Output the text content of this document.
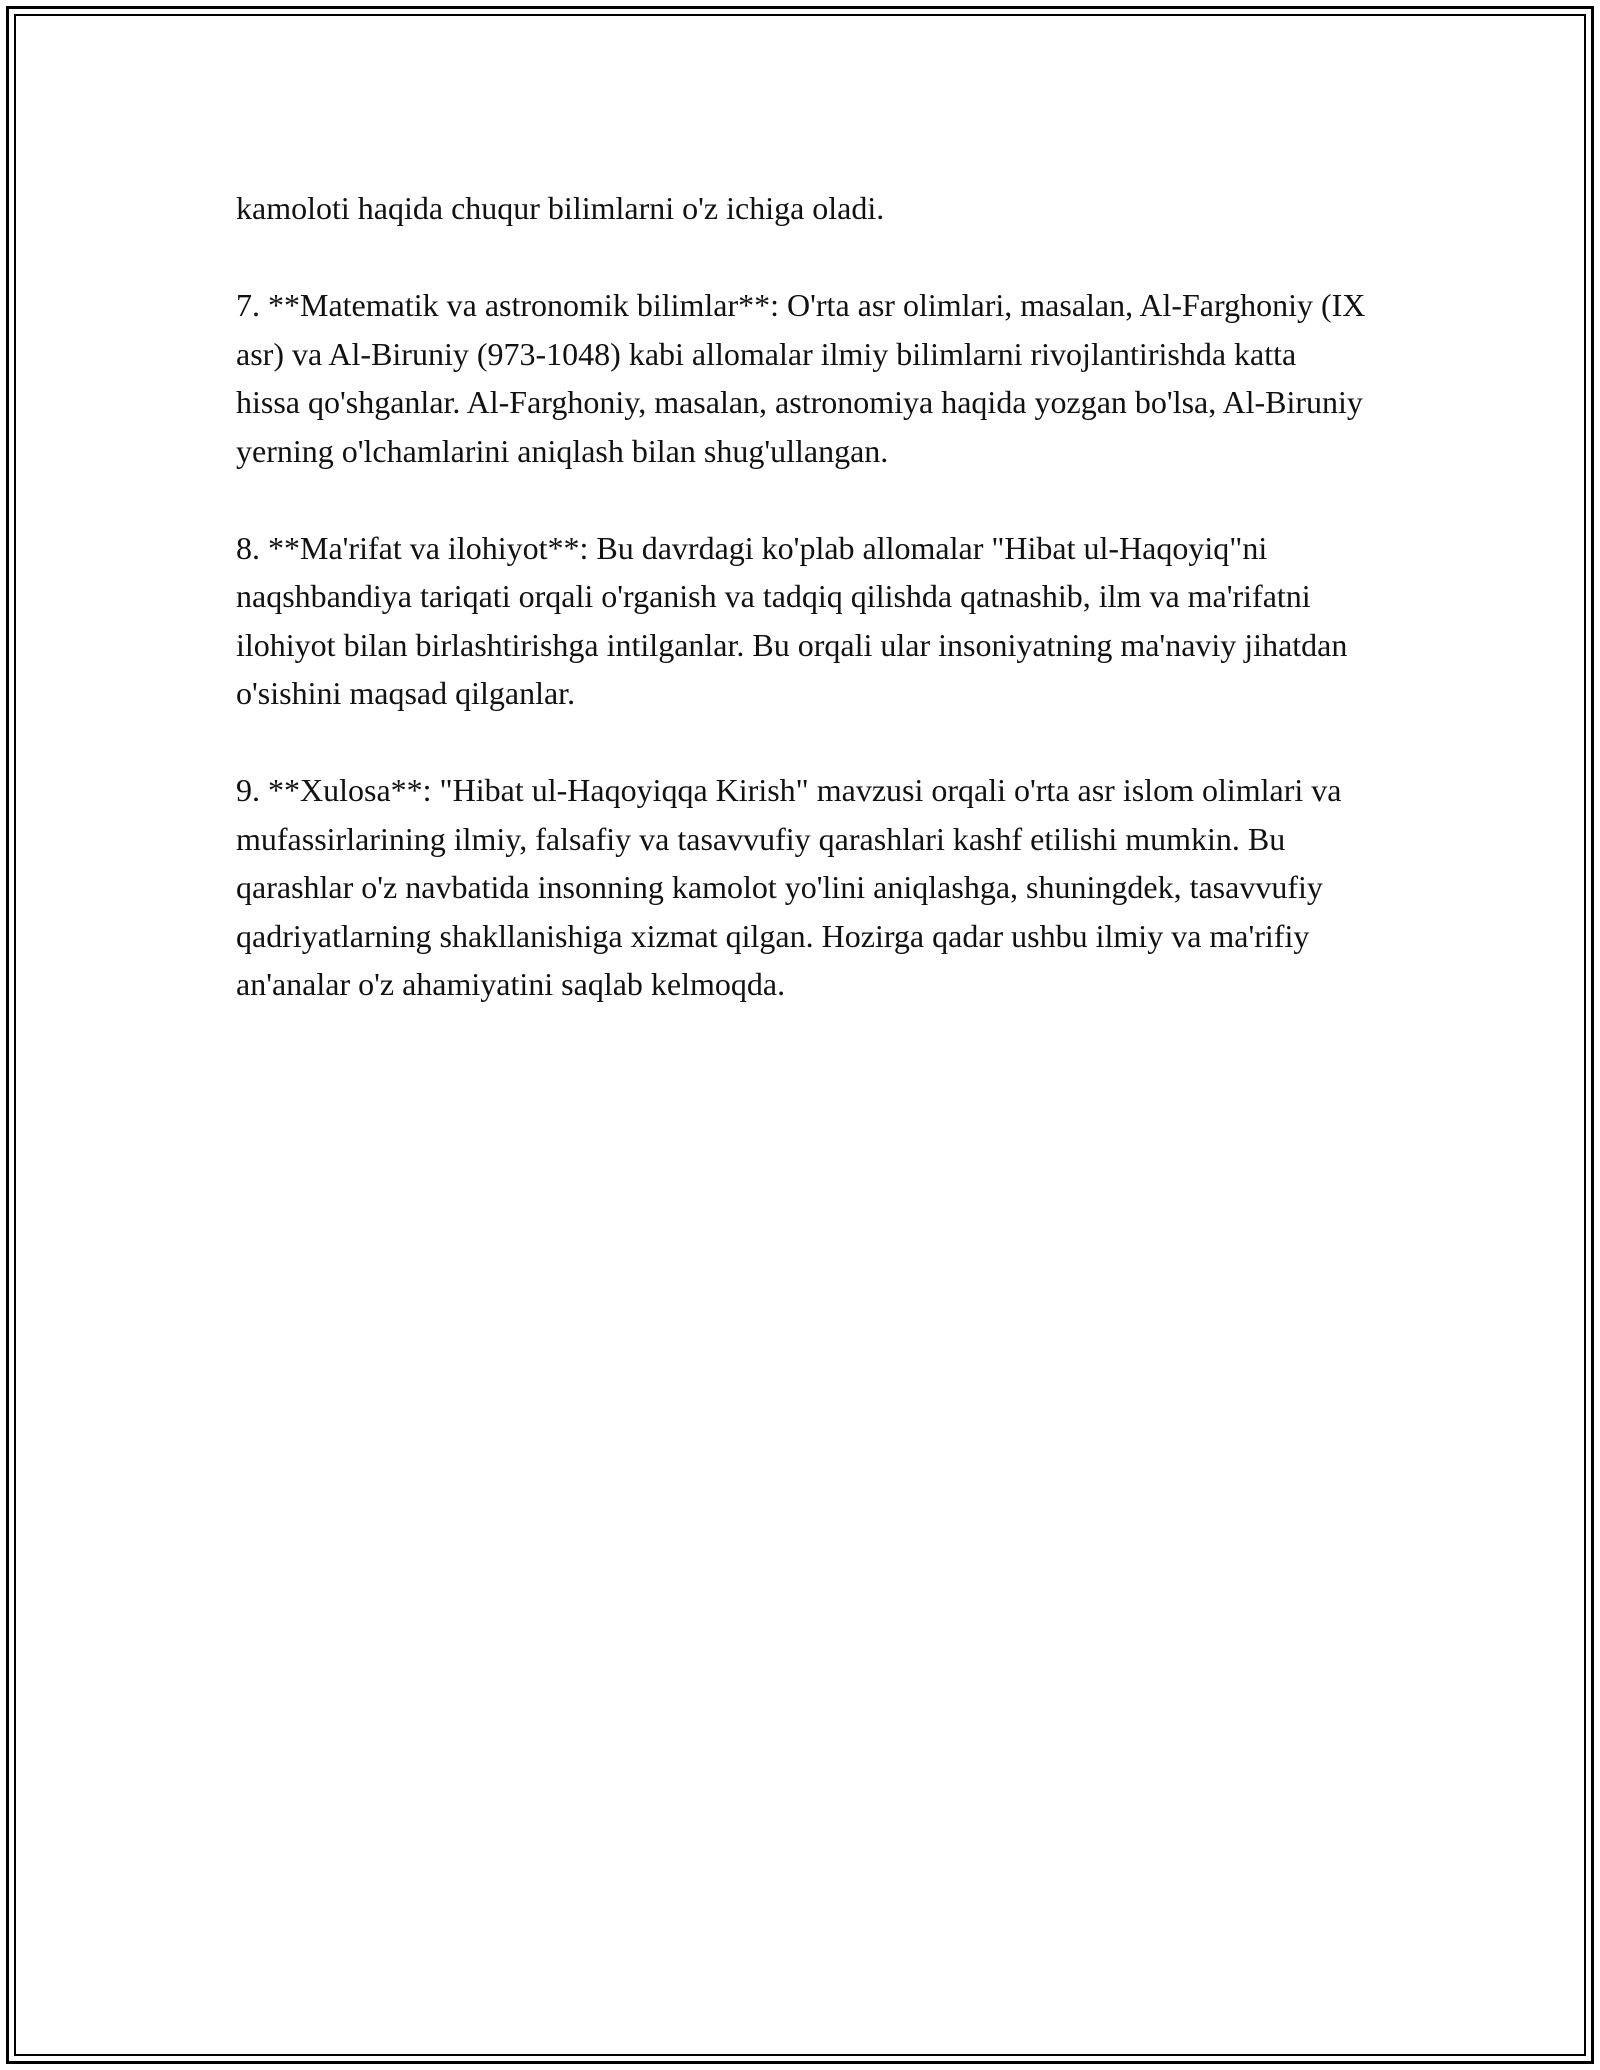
kamoloti haqida chuqur bilimlarni o'z ichiga oladi.

7. **Matematik va astronomik bilimlar**: O'rta asr olimlari, masalan, Al-Farghoniy (IX asr) va Al-Biruniy (973-1048) kabi allomalar ilmiy bilimlarni rivojlantirishda katta hissa qo'shganlar. Al-Farghoniy, masalan, astronomiya haqida yozgan bo'lsa, Al-Biruniy yerning o'lchamlarini aniqlash bilan shug'ullangan.

8. **Ma'rifat va ilohiyot**: Bu davrdagi ko'plab allomalar "Hibat ul-Haqoyiq"ni naqshbandiya tariqati orqali o'rganish va tadqiq qilishda qatnashib, ilm va ma'rifatni ilohiyot bilan birlashtirishga intilganlar. Bu orqali ular insoniyatning ma'naviy jihatdan o'sishini maqsad qilganlar.

9. **Xulosa**: "Hibat ul-Haqoyiqqa Kirish" mavzusi orqali o'rta asr islom olimlari va mufassirlarining ilmiy, falsafiy va tasavvufiy qarashlari kashf etilishi mumkin. Bu qarashlar o'z navbatida insonning kamolot yo'lini aniqlashga, shuningdek, tasavvufiy qadriyatlarning shakllanishiga xizmat qilgan. Hozirga qadar ushbu ilmiy va ma'rifiy an'analar o'z ahamiyatini saqlab kelmoqda.
